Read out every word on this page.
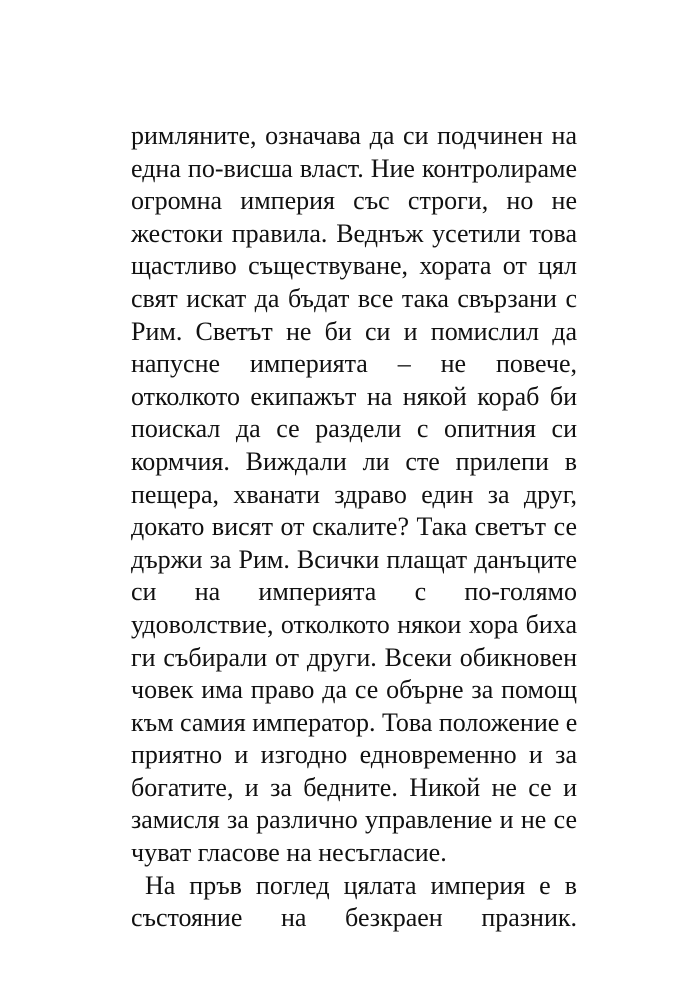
римляните, означава да си подчинен на
една по-висша власт. Ние контролираме
огромна империя със строги, но не
жестоки правила. Веднъж усетили това
щастливо съществуване, хората от цял
свят искат да бъдат все така свързани с
Рим. Светът не би си и помислил да
напусне империята – не повече,
отколкото екипажът на някой кораб би
поискал да се раздели с опитния си
кормчия. Виждали ли сте прилепи в
пещера, хванати здраво един за друг,
докато висят от скалите? Така светът се
държи за Рим. Всички плащат данъците
си на империята с по-голямо
удоволствие, отколкото някои хора биха
ги събирали от други. Всеки обикновен
човек има право да се обърне за помощ
към самия император. Това положение е
приятно и изгодно едновременно и за
богатите, и за бедните. Никой не се и
замисля за различно управление и не се
чуват гласове на несъгласие.
На пръв поглед цялата империя е в
състояние на безкраен празник.
